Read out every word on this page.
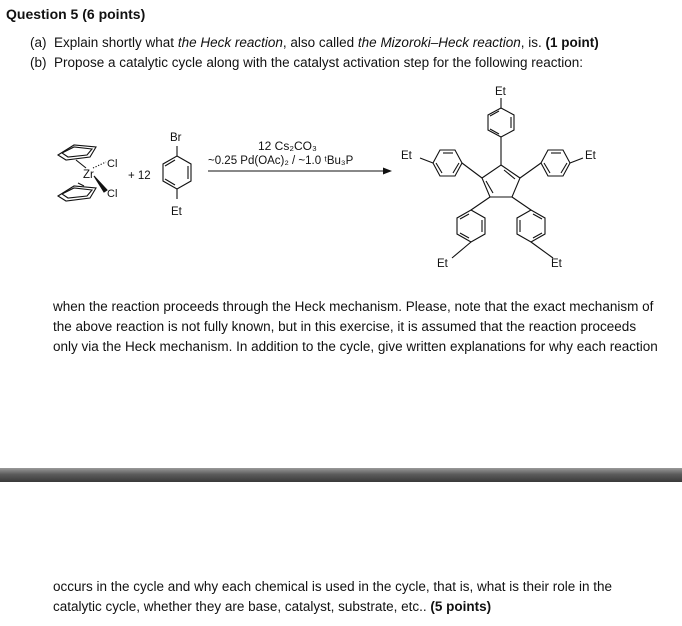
Question 5 (6 points)
(a) Explain shortly what the Heck reaction, also called the Mizoroki–Heck reaction, is. (1 point)
(b) Propose a catalytic cycle along with the catalyst activation step for the following reaction:
Zr
Cl
Cl
+ 12
Br
Et
12 Cs₂CO₃
~0.25 Pd(OAc)₂ / ~1.0 ᵗBu₃P
Et
Et	Et
Et	Et

when the reaction proceeds through the Heck mechanism. Please, note that the exact mechanism of the above reaction is not fully known, but in this exercise, it is assumed that the reaction proceeds only via the Heck mechanism. In addition to the cycle, give written explanations for why each reaction

occurs in the cycle and why each chemical is used in the cycle, that is, what is their role in the catalytic cycle, whether they are base, catalyst, substrate, etc.. (5 points)
